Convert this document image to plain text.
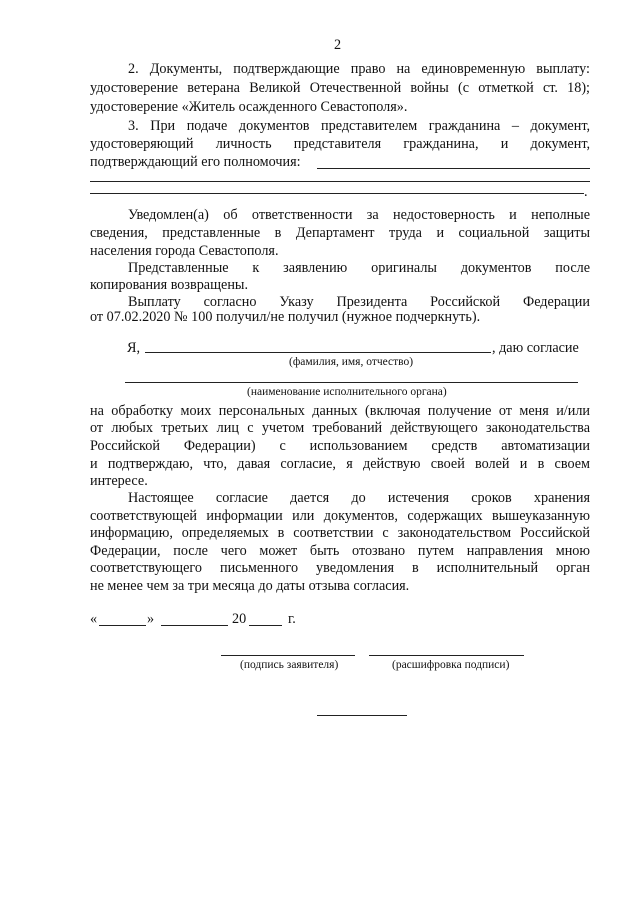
2
2. Документы, подтверждающие право на единовременную выплату:
удостоверение ветерана Великой Отечественной войны (с отметкой ст. 18);
удостоверение «Житель осажденного Севастополя».
3. При подаче документов представителем гражданина – документ,
удостоверяющий личность представителя гражданина, и документ,
подтверждающий его полномочия:
.
Уведомлен(а) об ответственности за недостоверность и неполные
сведения, представленные в Департамент труда и социальной защиты
населения города Севастополя.
Представленные к заявлению оригиналы документов после
копирования возвращены.
Выплату согласно Указу Президента Российской Федерации
от 07.02.2020 № 100 получил/не получил (нужное подчеркнуть).
Я,	, даю согласие
(фамилия, имя, отчество)
(наименование исполнительного органа)
на обработку моих персональных данных (включая получение от меня и/или
от любых третьих лиц с учетом требований действующего законодательства
Российской Федерации) с использованием средств автоматизации
и подтверждаю, что, давая согласие, я действую своей волей и в своем
интересе.
Настоящее согласие дается до истечения сроков хранения
соответствующей информации или документов, содержащих вышеуказанную
информацию, определяемых в соответствии с законодательством Российской
Федерации, после чего может быть отозвано путем направления мною
соответствующего письменного уведомления в исполнительный орган
не менее чем за три месяца до даты отзыва согласия.
«	»	20	г.
(подпись заявителя)	(расшифровка подписи)
